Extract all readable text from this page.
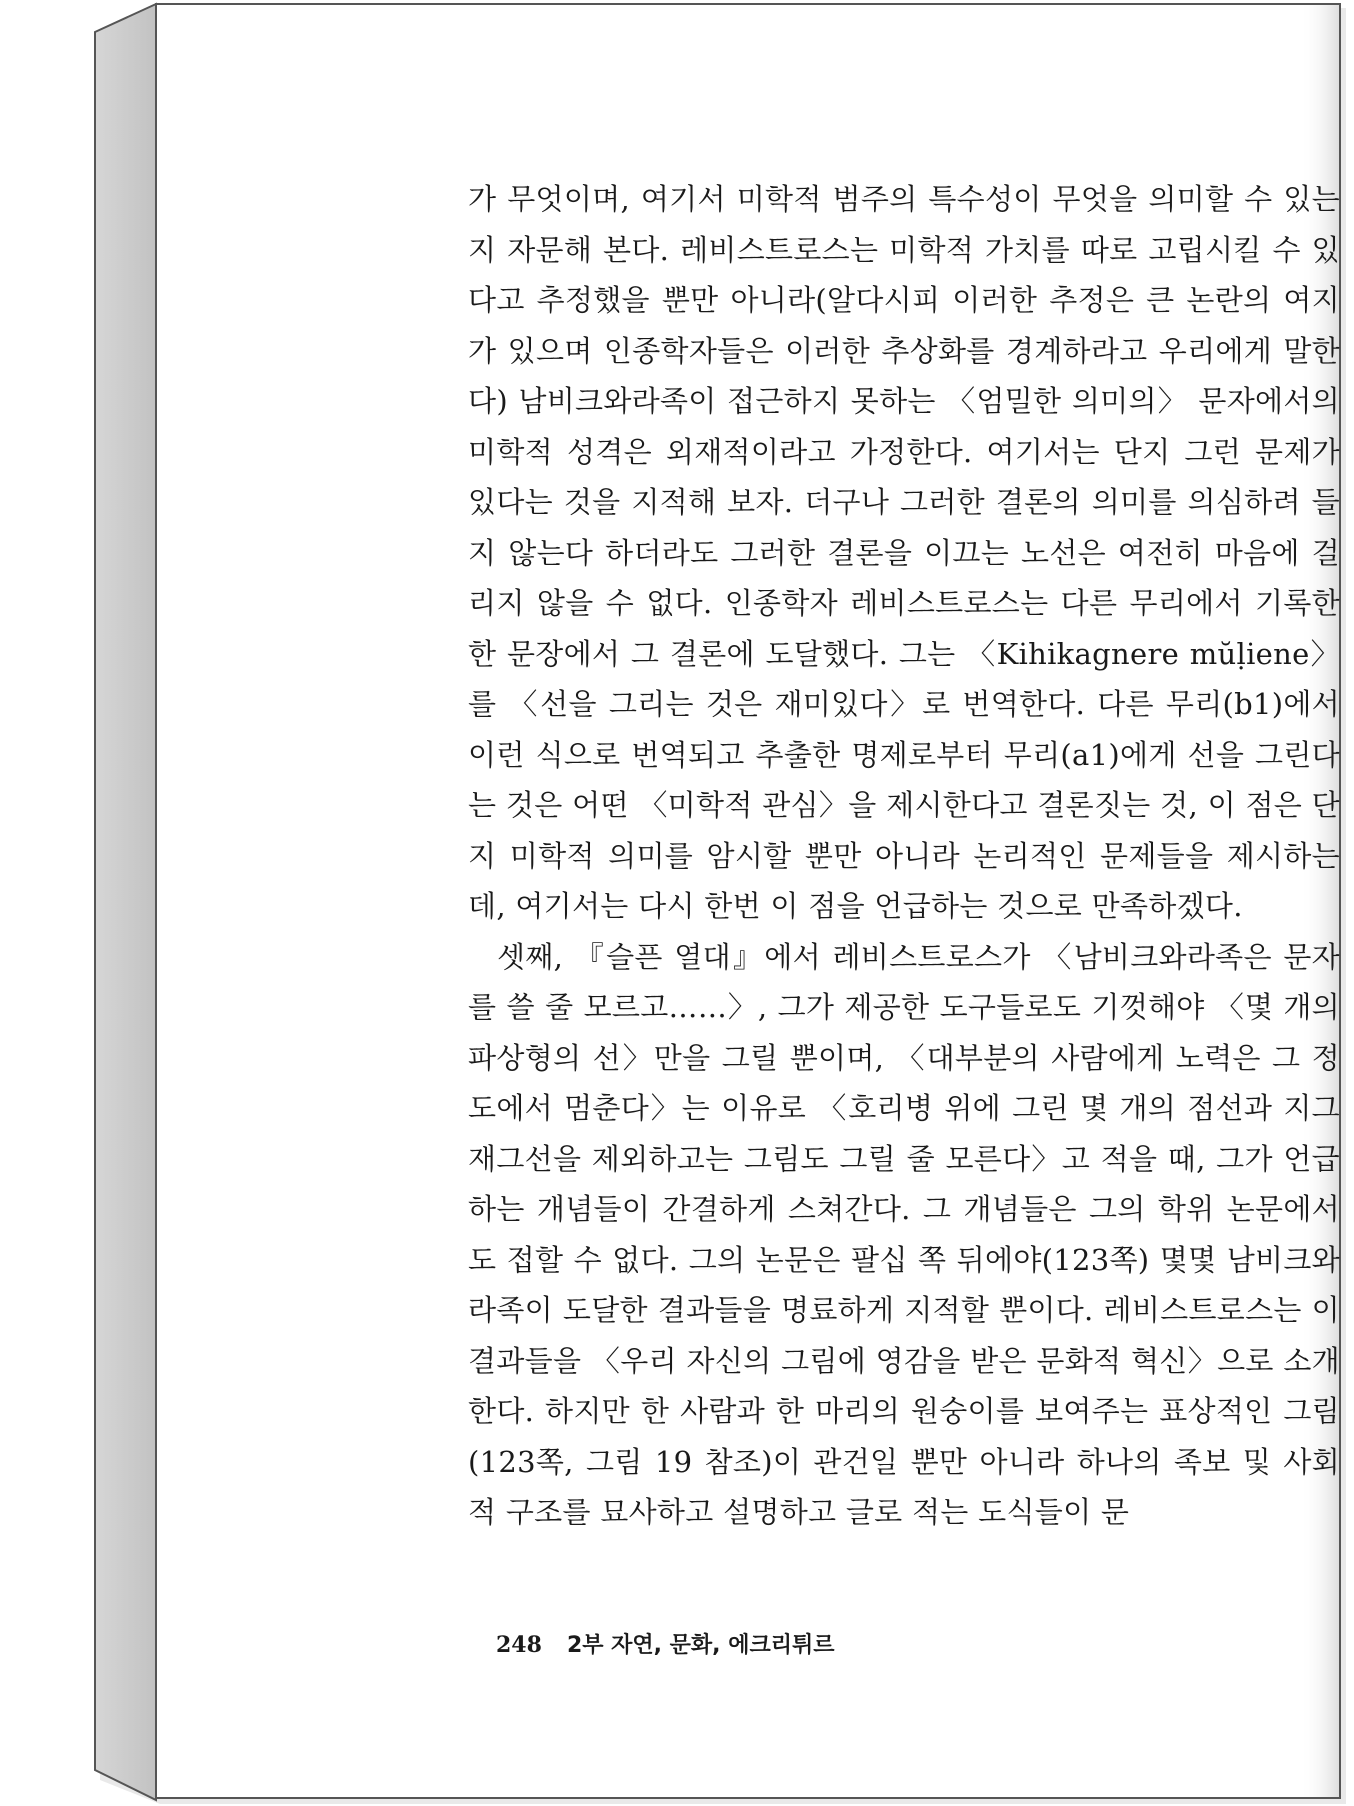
가 무엇이며, 여기서 미학적 범주의 특수성이 무엇을 의미할 수 있는지 자문해 본다. 레비스트로스는 미학적 가치를 따로 고립시킬 수 있다고 추정했을 뿐만 아니라(알다시피 이러한 추정은 큰 논란의 여지가 있으며 인종학자들은 이러한 추상화를 경계하라고 우리에게 말한다) 남비크와라족이 접근하지 못하는 〈엄밀한 의미의〉 문자에서의 미학적 성격은 외재적이라고 가정한다. 여기서는 단지 그런 문제가 있다는 것을 지적해 보자. 더구나 그러한 결론의 의미를 의심하려 들지 않는다 하더라도 그러한 결론을 이끄는 노선은 여전히 마음에 걸리지 않을 수 없다. 인종학자 레비스트로스는 다른 무리에서 기록한 한 문장에서 그 결론에 도달했다. 그는 〈Kihikagnere mŭḷiene〉를 〈선을 그리는 것은 재미있다〉로 번역한다. 다른 무리(b1)에서 이런 식으로 번역되고 추출한 명제로부터 무리(a1)에게 선을 그린다는 것은 어떤 〈미학적 관심〉을 제시한다고 결론짓는 것, 이 점은 단지 미학적 의미를 암시할 뿐만 아니라 논리적인 문제들을 제시하는데, 여기서는 다시 한번 이 점을 언급하는 것으로 만족하겠다.

셋째, 『슬픈 열대』에서 레비스트로스가 〈남비크와라족은 문자를 쓸 줄 모르고……〉, 그가 제공한 도구들로도 기껏해야 〈몇 개의 파상형의 선〉만을 그릴 뿐이며, 〈대부분의 사람에게 노력은 그 정도에서 멈춘다〉는 이유로 〈호리병 위에 그린 몇 개의 점선과 지그재그선을 제외하고는 그림도 그릴 줄 모른다〉고 적을 때, 그가 언급하는 개념들이 간결하게 스쳐간다. 그 개념들은 그의 학위 논문에서도 접할 수 없다. 그의 논문은 팔십 쪽 뒤에야(123쪽) 몇몇 남비크와라족이 도달한 결과들을 명료하게 지적할 뿐이다. 레비스트로스는 이 결과들을 〈우리 자신의 그림에 영감을 받은 문화적 혁신〉으로 소개한다. 하지만 한 사람과 한 마리의 원숭이를 보여주는 표상적인 그림(123쪽, 그림 19 참조)이 관건일 뿐만 아니라 하나의 족보 및 사회적 구조를 묘사하고 설명하고 글로 적는 도식들이 문

248 2부 자연, 문화, 에크리튀르
